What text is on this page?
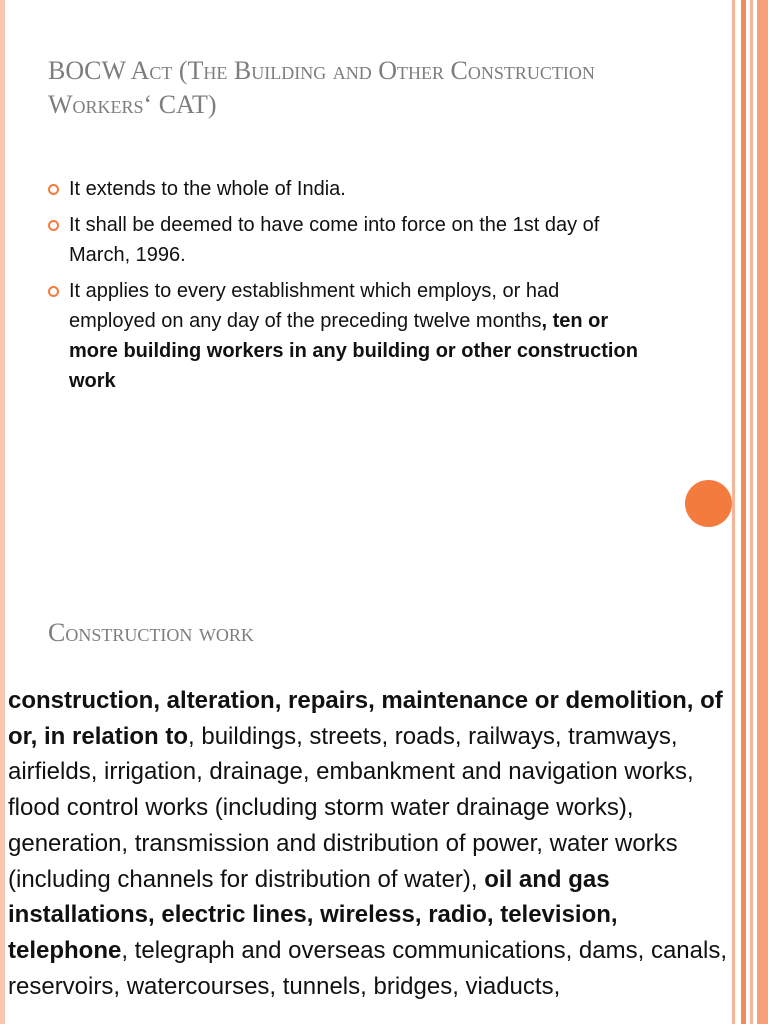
BOCW Act (The Building and Other Construction Workers‘ CAT)
It extends to the whole of India.
It shall be deemed to have come into force on the 1st day of March, 1996.
It applies to every establishment which employs, or had employed on any day of the preceding twelve months, ten or more building workers in any building or other construction work
Construction work

construction, alteration, repairs, maintenance or demolition, of or, in relation to, buildings, streets, roads, railways, tramways, airfields, irrigation, drainage, embankment and navigation works, flood control works (including storm water drainage works), generation, transmission and distribution of power, water works (including channels for distribution of water), oil and gas installations, electric lines, wireless, radio, television, telephone, telegraph and overseas communications, dams, canals, reservoirs, watercourses, tunnels, bridges, viaducts,
